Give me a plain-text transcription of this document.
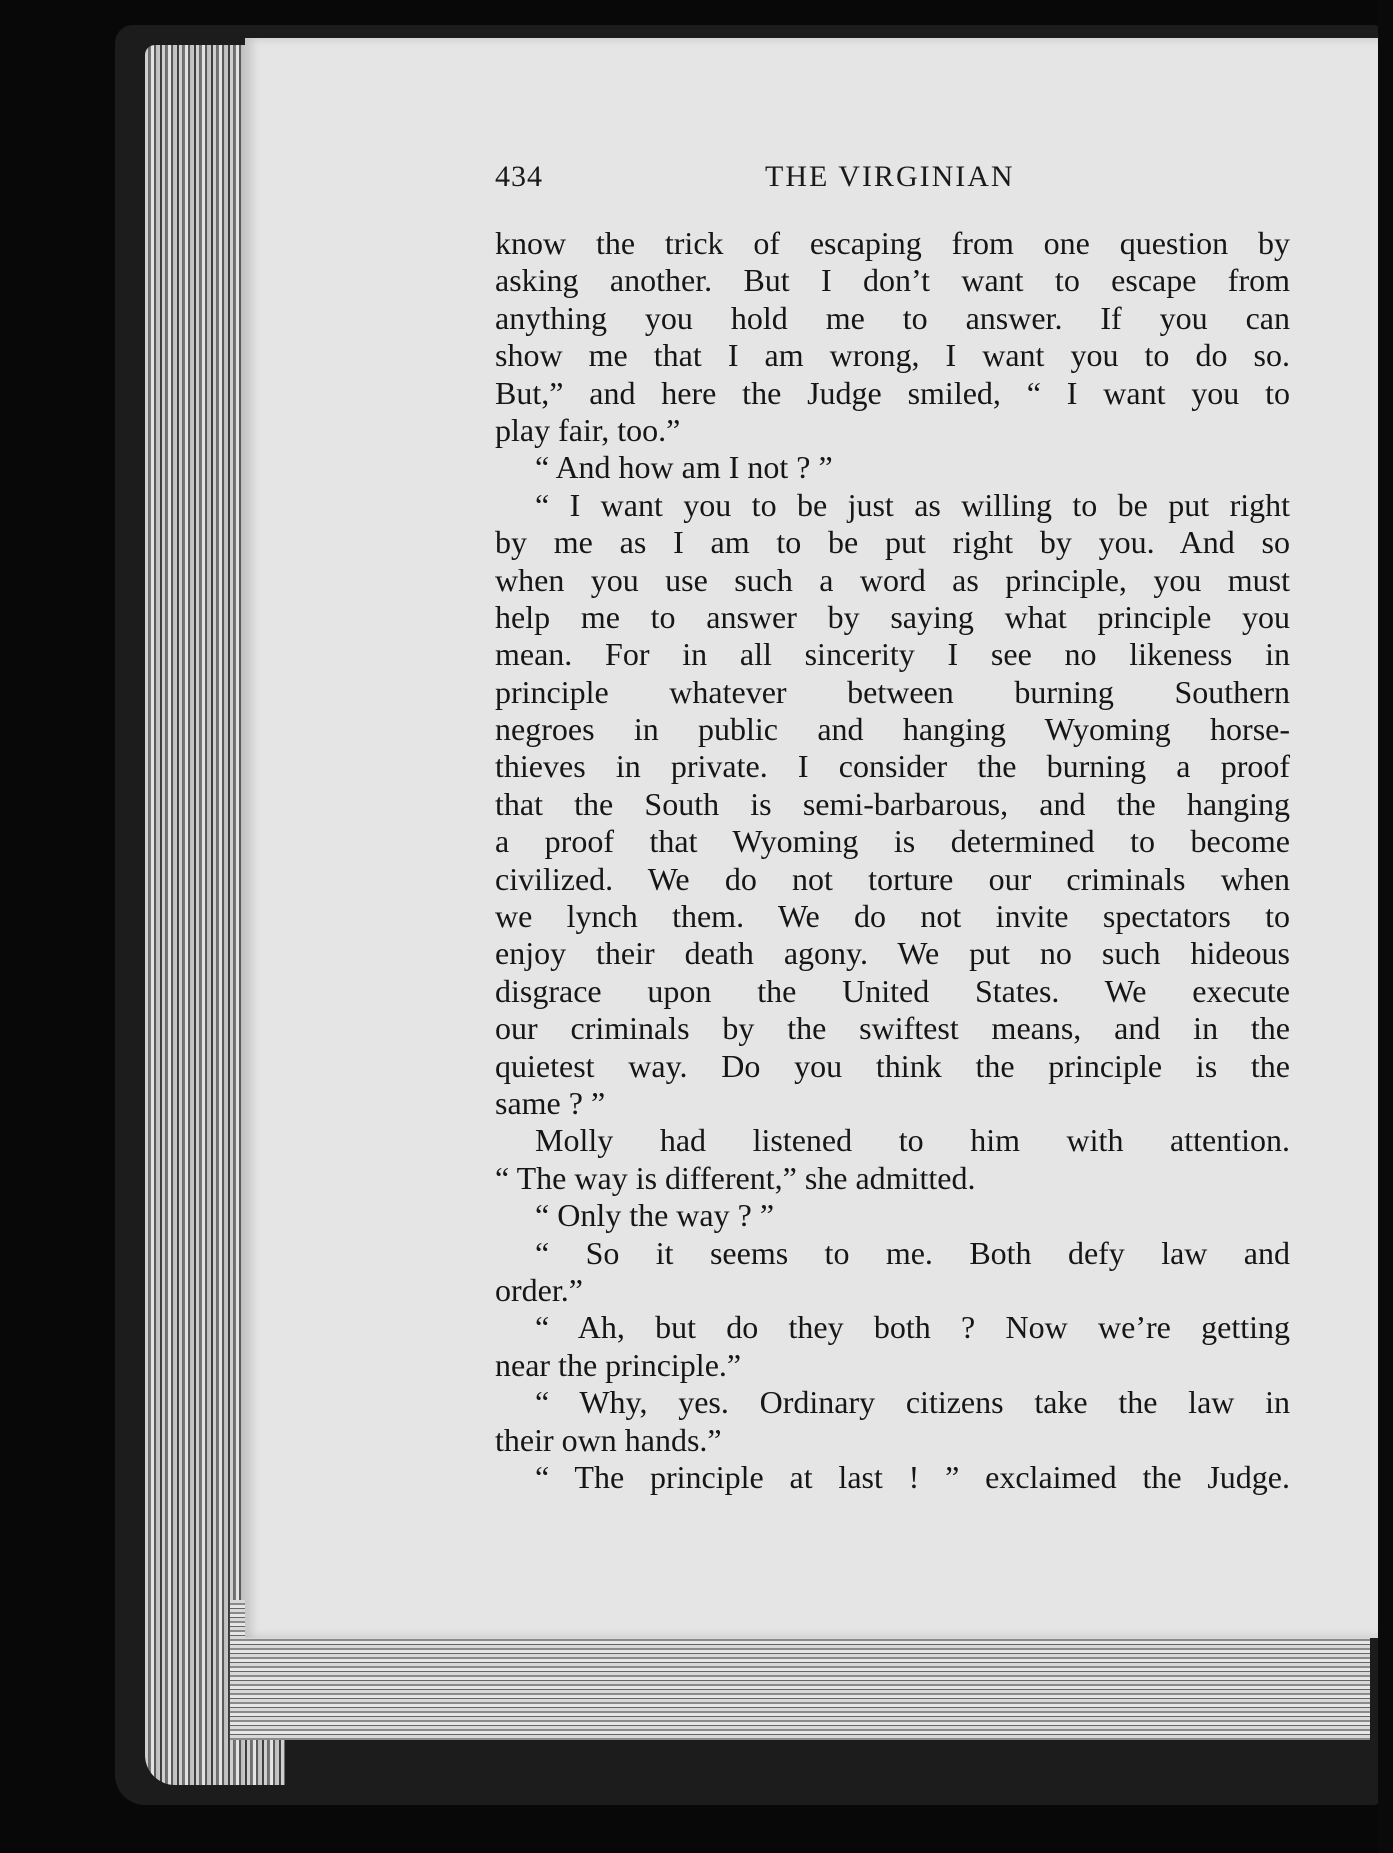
434	THE VIRGINIAN
know the trick of escaping from one question by
asking another. But I don’t want to escape from
anything you hold me to answer. If you can
show me that I am wrong, I want you to do so.
But,” and here the Judge smiled, “ I want you to
play fair, too.”
“ And how am I not ? ”
“ I want you to be just as willing to be put right
by me as I am to be put right by you. And so
when you use such a word as principle, you must
help me to answer by saying what principle you
mean. For in all sincerity I see no likeness in
principle whatever between burning Southern
negroes in public and hanging Wyoming horse-
thieves in private. I consider the burning a proof
that the South is semi-barbarous, and the hanging
a proof that Wyoming is determined to become
civilized. We do not torture our criminals when
we lynch them. We do not invite spectators to
enjoy their death agony. We put no such hideous
disgrace upon the United States. We execute
our criminals by the swiftest means, and in the
quietest way. Do you think the principle is the
same ? ”
Molly had listened to him with attention.
“ The way is different,” she admitted.
“ Only the way ? ”
“ So it seems to me. Both defy law and
order.”
“ Ah, but do they both ? Now we’re getting
near the principle.”
“ Why, yes. Ordinary citizens take the law in
their own hands.”
“ The principle at last ! ” exclaimed the Judge.
